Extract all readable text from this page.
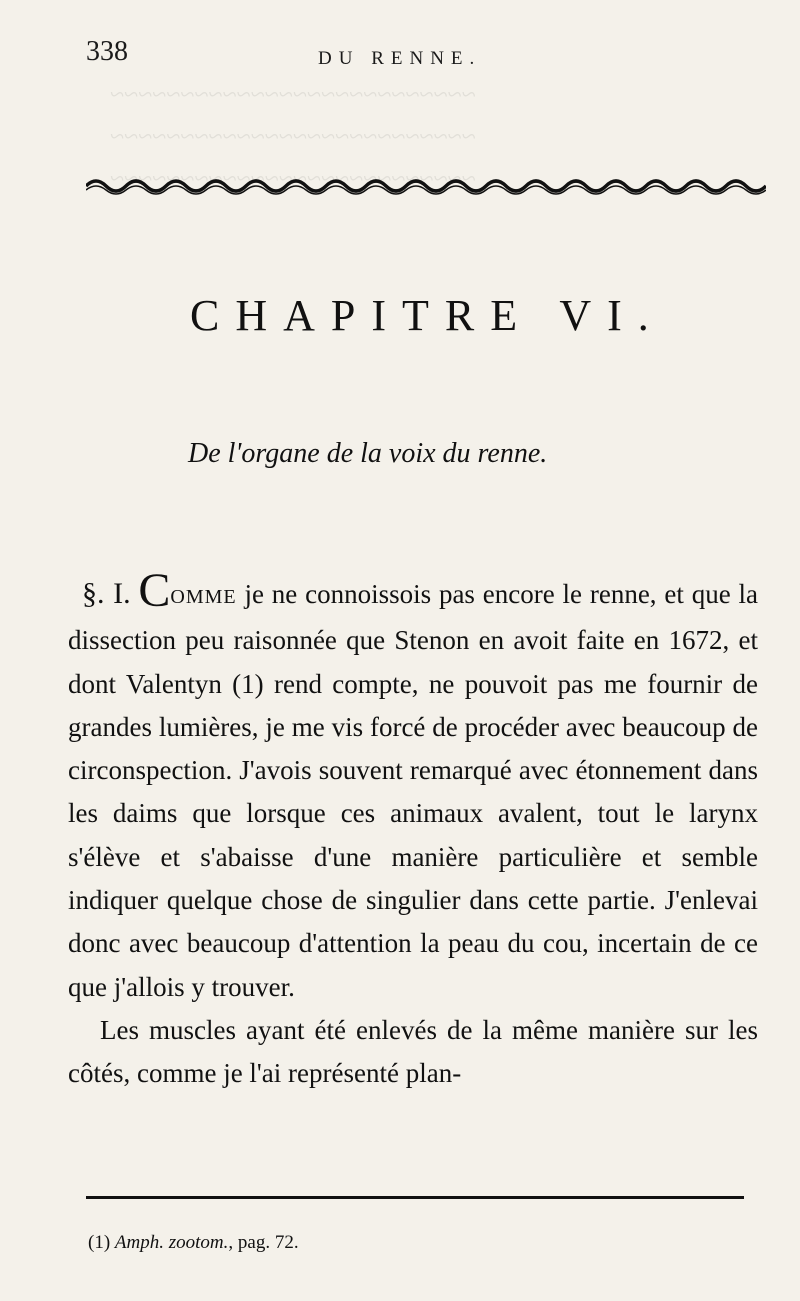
~~~~~~~~~~~~~~~~~~~~~~~~~~
~~~~~~~~~~~~~~~~~~~~~~~~~~
~~~~~~~~~~~~~~~~~~~~~~~~~~
338	DU RENNE.
CHAPITRE VI.
De l'organe de la voix du renne.

§. I. COMME je ne connoissois pas encore le renne, et que la dissection peu raisonnée que Stenon en avoit faite en 1672, et dont Valentyn (1) rend compte, ne pouvoit pas me fournir de grandes lumières, je me vis forcé de procéder avec beaucoup de circonspection. J'avois souvent remarqué avec étonnement dans les daims que lorsque ces animaux avalent, tout le larynx s'élève et s'abaisse d'une manière particulière et semble indiquer quelque chose de singulier dans cette partie. J'enlevai donc avec beaucoup d'attention la peau du cou, incertain de ce que j'allois y trouver.

Les muscles ayant été enlevés de la même manière sur les côtés, comme je l'ai représenté plan-

(1) Amph. zootom., pag. 72.
